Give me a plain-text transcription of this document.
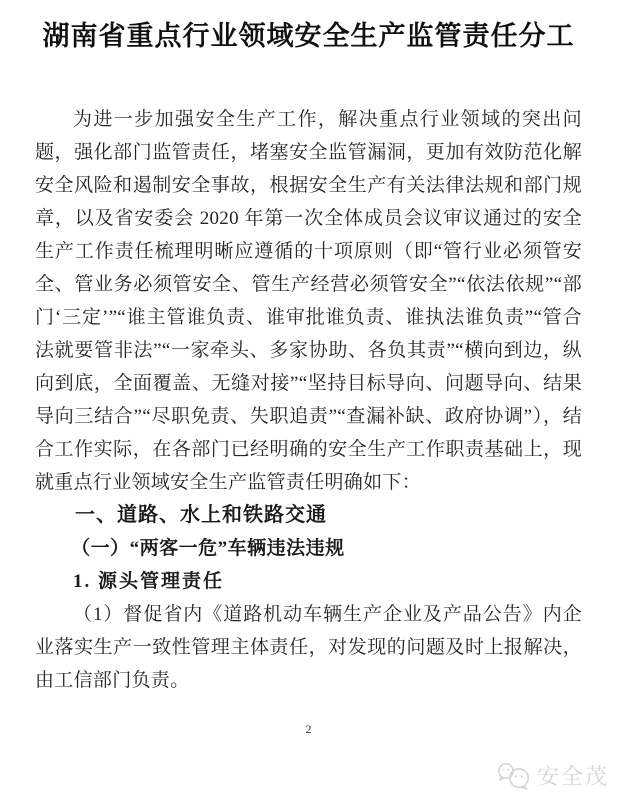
湖南省重点行业领域安全生产监管责任分工

为进一步加强安全生产工作，解决重点行业领域的突出问题，强化部门监管责任，堵塞安全监管漏洞，更加有效防范化解安全风险和遏制安全事故，根据安全生产有关法律法规和部门规章，以及省安委会 2020 年第一次全体成员会议审议通过的安全生产工作责任梳理明晰应遵循的十项原则（即“管行业必须管安全、管业务必须管安全、管生产经营必须管安全”“依法依规”“部门‘三定’”“谁主管谁负责、谁审批谁负责、谁执法谁负责”“管合法就要管非法”“一家牵头、多家协助、各负其责”“横向到边，纵向到底，全面覆盖、无缝对接”“坚持目标导向、问题导向、结果导向三结合”“尽职免责、失职追责”“查漏补缺、政府协调”），结合工作实际，在各部门已经明确的安全生产工作职责基础上，现就重点行业领域安全生产监管责任明确如下：

一、道路、水上和铁路交通
（一）“两客一危”车辆违法违规
1. 源头管理责任

（1）督促省内《道路机动车辆生产企业及产品公告》内企业落实生产一致性管理主体责任，对发现的问题及时上报解决，由工信部门负责。

2
安全茂
